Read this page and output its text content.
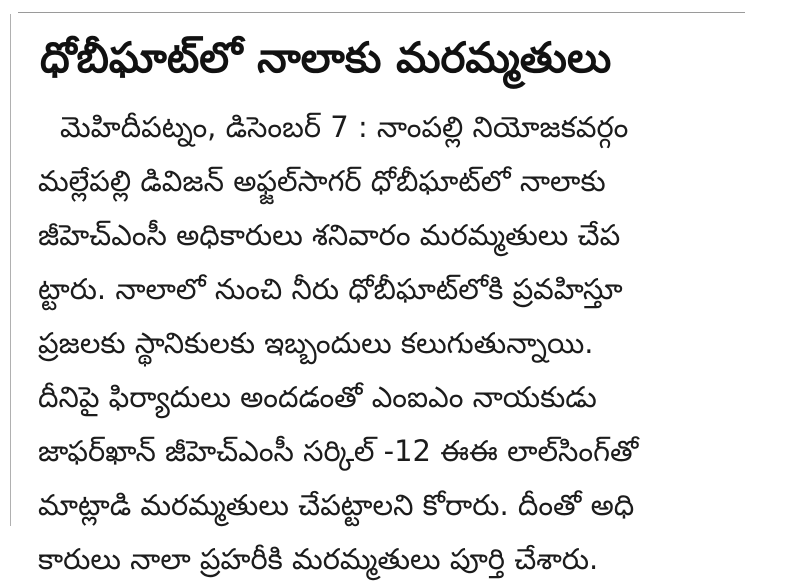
ధోబీఘాట్‌లో నాలాకు మరమ్మతులు
మెహిదీపట్నం, డిసెంబర్ 7 : నాంపల్లి నియోజకవర్గం
మల్లేపల్లి డివిజన్ అఫ్జల్‌సాగర్ ధోబీఘాట్‌లో నాలాకు
జీహెచ్‌ఎంసీ అధికారులు శనివారం మరమ్మతులు చేప
ట్టారు. నాలాలో నుంచి నీరు ధోబీఘాట్‌లోకి ప్రవహిస్తూ
ప్రజలకు స్థానికులకు ఇబ్బందులు కలుగుతున్నాయి.
దీనిపై ఫిర్యాదులు అందడంతో ఎంఐఎం నాయకుడు
జాఫర్‌ఖాన్ జీహెచ్‌ఎంసీ సర్కిల్ -12 ఈఈ లాల్‌సింగ్‌తో
మాట్లాడి మరమ్మతులు చేపట్టాలని కోరారు. దీంతో అధి
కారులు నాలా ప్రహరీకి మరమ్మతులు పూర్తి చేశారు.
